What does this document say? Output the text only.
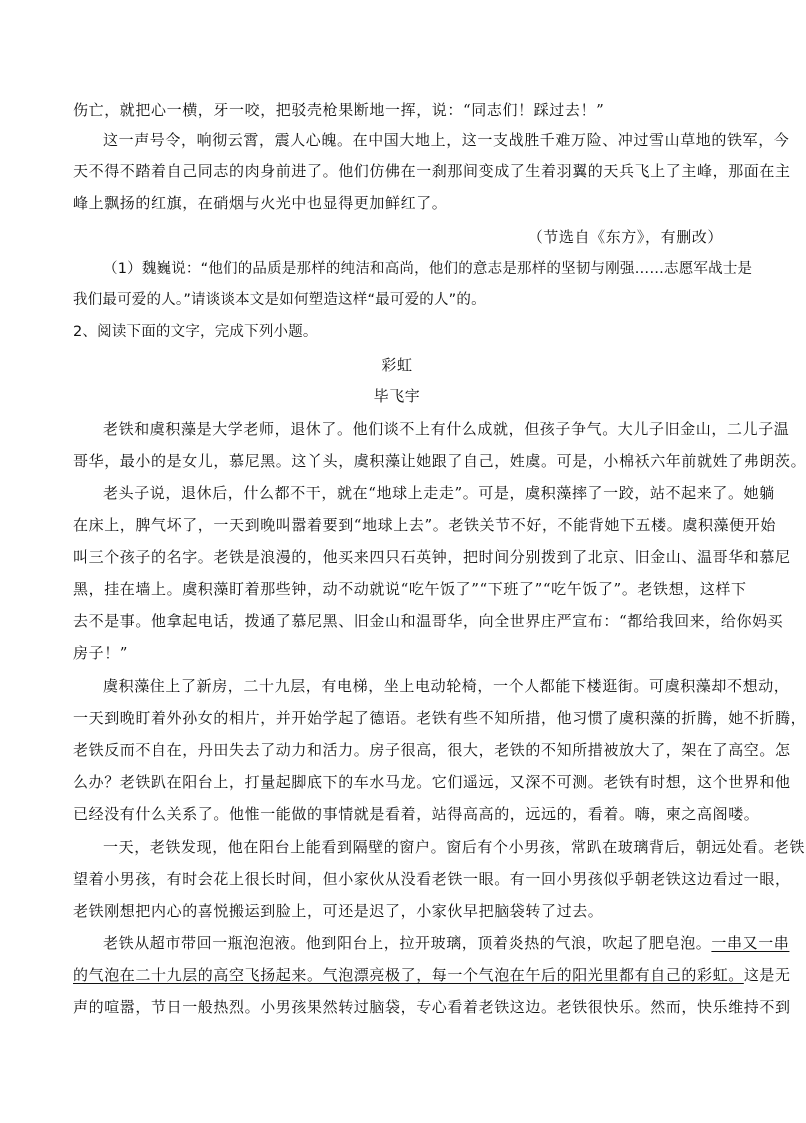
伤亡，就把心一横，牙一咬，把驳壳枪果断地一挥，说：“同志们！踩过去！”
这一声号令，响彻云霄，震人心魄。在中国大地上，这一支战胜千难万险、冲过雪山草地的铁军，今
天不得不踏着自己同志的肉身前进了。他们仿佛在一刹那间变成了生着羽翼的天兵飞上了主峰，那面在主
峰上飘扬的红旗，在硝烟与火光中也显得更加鲜红了。
（节选自《东方》，有删改）
（1）魏巍说：“他们的品质是那样的纯洁和高尚，他们的意志是那样的坚韧与刚强……志愿军战士是
我们最可爱的人。”请谈谈本文是如何塑造这样“最可爱的人”的。
2、阅读下面的文字，完成下列小题。
彩虹
毕飞宇
老铁和虞积藻是大学老师，退休了。他们谈不上有什么成就，但孩子争气。大儿子旧金山，二儿子温
哥华，最小的是女儿，慕尼黑。这丫头，虞积藻让她跟了自己，姓虞。可是，小棉袄六年前就姓了弗朗茨。
老头子说，退休后，什么都不干，就在“地球上走走”。可是，虞积藻摔了一跤，站不起来了。她躺
在床上，脾气坏了，一天到晚叫嚣着要到“地球上去”。老铁关节不好，不能背她下五楼。虞积藻便开始
叫三个孩子的名字。老铁是浪漫的，他买来四只石英钟，把时间分别拨到了北京、旧金山、温哥华和慕尼
黑，挂在墙上。虞积藻盯着那些钟，动不动就说“吃午饭了”“下班了”“吃午饭了”。老铁想，这样下
去不是事。他拿起电话，拨通了慕尼黑、旧金山和温哥华，向全世界庄严宣布：“都给我回来，给你妈买
房子！”
虞积藻住上了新房，二十九层，有电梯，坐上电动轮椅，一个人都能下楼逛街。可虞积藻却不想动，
一天到晚盯着外孙女的相片，并开始学起了德语。老铁有些不知所措，他习惯了虞积藻的折腾，她不折腾，
老铁反而不自在，丹田失去了动力和活力。房子很高，很大，老铁的不知所措被放大了，架在了高空。怎
么办？老铁趴在阳台上，打量起脚底下的车水马龙。它们遥远，又深不可测。老铁有时想，这个世界和他
已经没有什么关系了。他惟一能做的事情就是看着，站得高高的，远远的，看着。嗨，柬之高阁喽。
一天，老铁发现，他在阳台上能看到隔壁的窗户。窗后有个小男孩，常趴在玻璃背后，朝远处看。老铁
望着小男孩，有时会花上很长时间，但小家伙从没看老铁一眼。有一回小男孩似乎朝老铁这边看过一眼，
老铁刚想把内心的喜悦搬运到脸上，可还是迟了，小家伙早把脑袋转了过去。
老铁从超市带回一瓶泡泡液。他到阳台上，拉开玻璃，顶着炎热的气浪，吹起了肥皂泡。一串又一串
的气泡在二十九层的高空飞扬起来。气泡漂亮极了，每一个气泡在午后的阳光里都有自己的彩虹。这是无
声的喧嚣，节日一般热烈。小男孩果然转过脑袋，专心看着老铁这边。老铁很快乐。然而，快乐维持不到
